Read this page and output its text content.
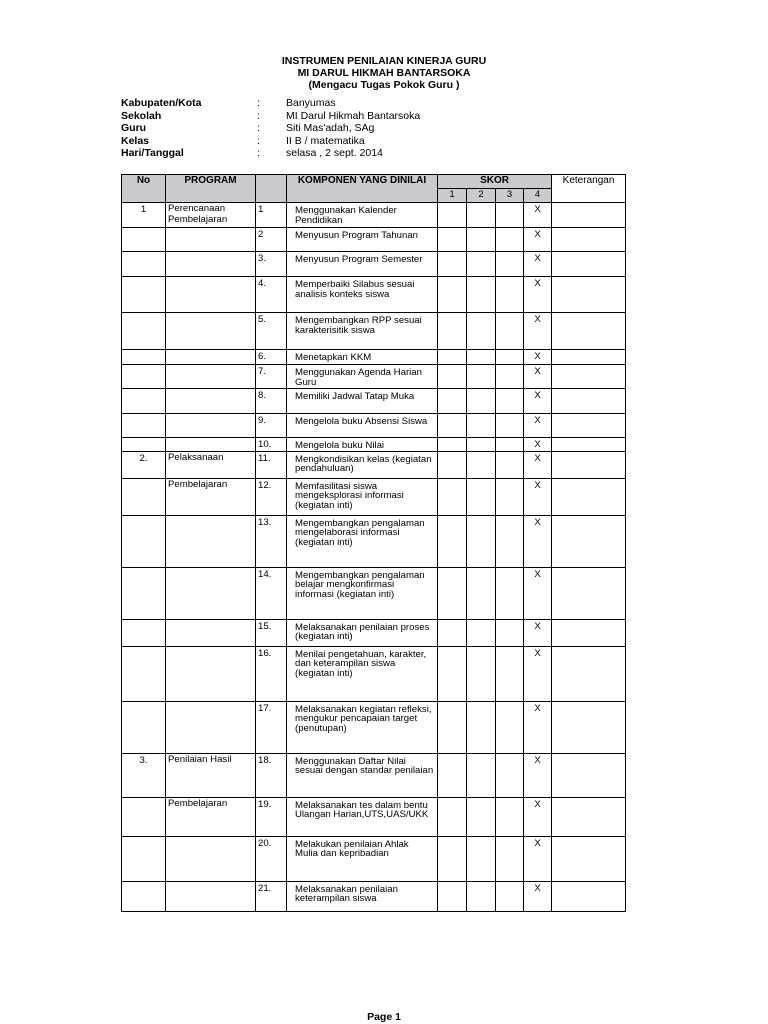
INSTRUMEN PENILAIAN KINERJA GURU
MI DARUL HIKMAH BANTARSOKA
(Mengacu Tugas Pokok Guru )
Kabupaten/Kota	: Banyumas
Sekolah	: MI Darul Hikmah Bantarsoka
Guru	: Siti Mas'adah, SAg
Kelas	: II B / matematika
Hari/Tanggal	: selasa , 2 sept. 2014
No	PROGRAM		KOMPONEN YANG DINILAI	SKOR				Keterangan
				1	2	3	4	
1	Perencanaan Pembelajaran	1	Menggunakan Kalender Pendidikan				X	
		2	Menyusun Program Tahunan				X	
		3.	Menyusun Program Semester				X	
		4.	Memperbaiki Silabus sesuai analisis konteks siswa				X	
		5.	Mengembangkan RPP sesuai karakterisitik siswa				X	
		6.	Menetapkan KKM				X	
		7.	Menggunakan Agenda Harian Guru				X	
		8.	Memiliki Jadwal Tatap Muka				X	
		9.	Mengelola buku Absensi Siswa				X	
		10.	Mengelola buku Nilai				X	
2.	Pelaksanaan	11.	Mengkondisikan kelas (kegiatan pendahuluan)				X	
	Pembelajaran	12.	Memfasilitasi siswa mengeksplorasi informasi (kegiatan inti)				X	
		13.	Mengembangkan pengalaman mengelaborasi informasi (kegiatan inti)				X	
		14.	Mengembangkan pengalaman belajar mengkonfirmasi informasi (kegiatan inti)				X	
		15.	Melaksanakan penilaian proses (kegiatan inti)				X	
		16.	Menilai pengetahuan, karakter, dan keterampilan siswa (kegiatan inti)				X	
		17.	Melaksanakan kegiatan refleksi, mengukur pencapaian target (penutupan)				X	
3.	Penilaian Hasil	18.	Menggunakan Daftar Nilai sesuai dengan standar penilaian				X	
	Pembelajaran	19.	Melaksanakan tes dalam bentu Ulangan Harian,UTS,UAS/UKK				X	
		20.	Melakukan penilaian Ahlak Mulia dan kepribadian				X	
		21.	Melaksanakan penilaian keterampilan siswa				X	
Page 1
